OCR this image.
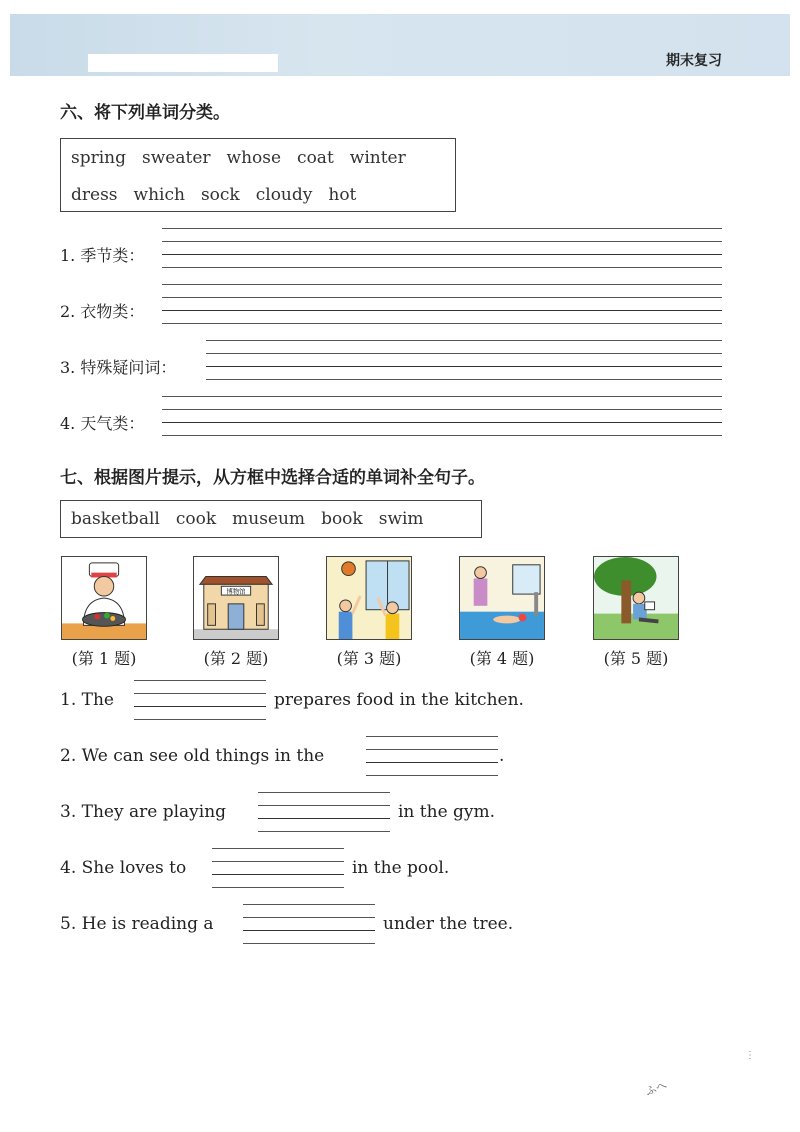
期末复习
六、将下列单词分类。
spring sweater whose coat winter
dress which sock cloudy hot
1. 季节类：
2. 衣物类：
3. 特殊疑问词：
4. 天气类：
七、根据图片提示，从方框中选择合适的单词补全句子。
basketball cook museum book swim
博物馆
(第 1 题)	(第 2 题)	(第 3 题)	(第 4 题)	(第 5 题)
1. The	prepares food in the kitchen.
2. We can see old things in the	.
3. They are playing	in the gym.
4. She loves to	in the pool.
5. He is reading a	under the tree.
ふへ
⋮
